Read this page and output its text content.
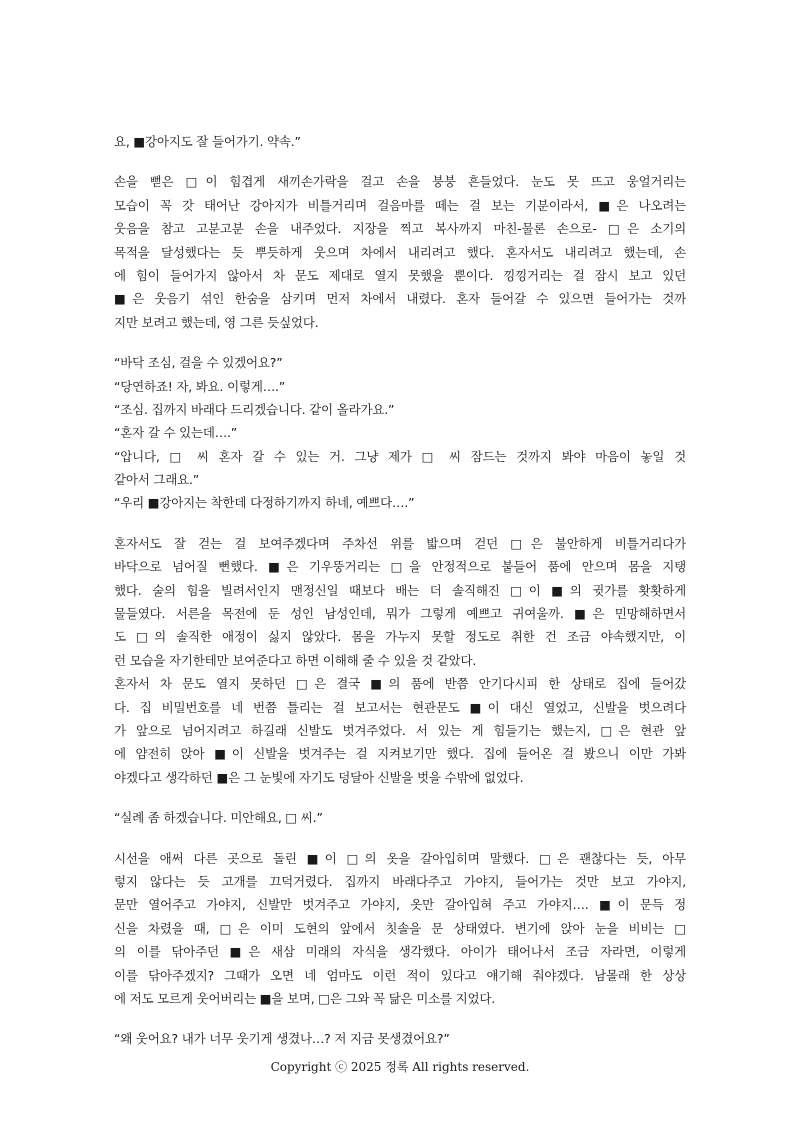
요, ■강아지도 잘 들어가기. 약속.”
손을 뻗은 □이 힘겹게 새끼손가락을 걸고 손을 붕붕 흔들었다. 눈도 못 뜨고 웅얼거리는
모습이 꼭 갓 태어난 강아지가 비틀거리며 걸음마를 떼는 걸 보는 기분이라서, ■은 나오려는
웃음을 참고 고분고분 손을 내주었다. 지장을 찍고 복사까지 마친-물론 손으로- □은 소기의
목적을 달성했다는 듯 뿌듯하게 웃으며 차에서 내리려고 했다. 혼자서도 내리려고 했는데, 손
에 힘이 들어가지 않아서 차 문도 제대로 열지 못했을 뿐이다. 낑낑거리는 걸 잠시 보고 있던
■은 웃음기 섞인 한숨을 삼키며 먼저 차에서 내렸다. 혼자 들어갈 수 있으면 들어가는 것까
지만 보려고 했는데, 영 그른 듯싶었다.
“바닥 조심, 걸을 수 있겠어요?”
“당연하죠! 자, 봐요. 이렇게….”
“조심. 집까지 바래다 드리겠습니다. 같이 올라가요.”
“혼자 갈 수 있는데….”
“압니다, □ 씨 혼자 갈 수 있는 거. 그냥 제가 □ 씨 잠드는 것까지 봐야 마음이 놓일 것
같아서 그래요.”
“우리 ■강아지는 착한데 다정하기까지 하네, 예쁘다….”
혼자서도 잘 걷는 걸 보여주겠다며 주차선 위를 밟으며 걷던 □은 불안하게 비틀거리다가
바닥으로 넘어질 뻔했다. ■은 기우뚱거리는 □을 안정적으로 붙들어 품에 안으며 몸을 지탱
했다. 술의 힘을 빌려서인지 맨정신일 때보다 배는 더 솔직해진 □이 ■의 귓가를 홧홧하게
물들였다. 서른을 목전에 둔 성인 남성인데, 뭐가 그렇게 예쁘고 귀여울까. ■은 민망해하면서
도 □의 솔직한 애정이 싫지 않았다. 몸을 가누지 못할 정도로 취한 건 조금 야속했지만, 이
런 모습을 자기한테만 보여준다고 하면 이해해 줄 수 있을 것 같았다.
혼자서 차 문도 열지 못하던 □은 결국 ■의 품에 반쯤 안기다시피 한 상태로 집에 들어갔
다. 집 비밀번호를 네 번쯤 틀리는 걸 보고서는 현관문도 ■이 대신 열었고, 신발을 벗으려다
가 앞으로 넘어지려고 하길래 신발도 벗겨주었다. 서 있는 게 힘들기는 했는지, □은 현관 앞
에 얌전히 앉아 ■이 신발을 벗겨주는 걸 지켜보기만 했다. 집에 들어온 걸 봤으니 이만 가봐
야겠다고 생각하던 ■은 그 눈빛에 자기도 덩달아 신발을 벗을 수밖에 없었다.
“실례 좀 하겠습니다. 미안해요, □ 씨.”
시선을 애써 다른 곳으로 돌린 ■이 □의 옷을 갈아입히며 말했다. □은 괜찮다는 듯, 아무
렇지 않다는 듯 고개를 끄덕거렸다. 집까지 바래다주고 가야지, 들어가는 것만 보고 가야지,
문만 열어주고 가야지, 신발만 벗겨주고 가야지, 옷만 갈아입혀 주고 가야지…. ■이 문득 정
신을 차렸을 때, □은 이미 도현의 앞에서 칫솔을 문 상태였다. 변기에 앉아 눈을 비비는 □
의 이를 닦아주던 ■은 새삼 미래의 자식을 생각했다. 아이가 태어나서 조금 자라면, 이렇게
이를 닦아주겠지? 그때가 오면 네 엄마도 이런 적이 있다고 얘기해 줘야겠다. 남몰래 한 상상
에 저도 모르게 웃어버리는 ■을 보며, □은 그와 꼭 닮은 미소를 지었다.
“왜 웃어요? 내가 너무 웃기게 생겼나…? 저 지금 못생겼어요?”
Copyright ⓒ 2025 정록 All rights reserved.
